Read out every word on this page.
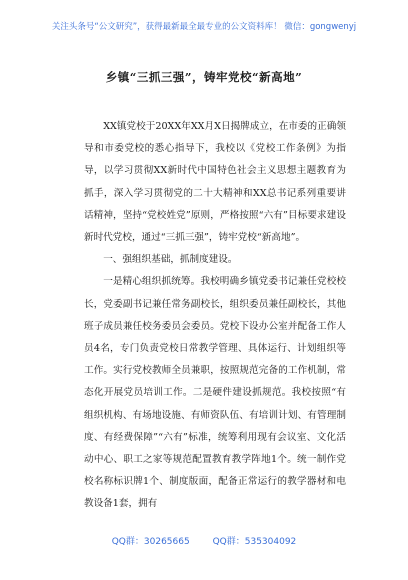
关注头条号“公文研究”，获得最新最全最专业的公文资料库！ 微信：gongwenyj
乡镇“三抓三强”，铸牢党校“新高地”

XX镇党校于20XX年XX月X日揭牌成立，在市委的正确领导和市委党校的悉心指导下，我校以《党校工作条例》为指导，以学习贯彻XX新时代中国特色社会主义思想主题教育为抓手，深入学习贯彻党的二十大精神和XX总书记系列重要讲话精神，坚持“党校姓党”原则，严格按照“六有”目标要求建设新时代党校，通过“三抓三强”，铸牢党校“新高地”。

一、强组织基础，抓制度建设。

一是精心组织抓统筹。我校明确乡镇党委书记兼任党校校长，党委副书记兼任常务副校长，组织委员兼任副校长，其他班子成员兼任校务委员会委员。党校下设办公室并配备工作人员4名，专门负责党校日常教学管理、具体运行、计划组织等工作。实行党校教师全员兼职，按照规范完备的工作机制，常态化开展党员培训工作。二是硬件建设抓规范。我校按照“有组织机构、有场地设施、有师资队伍、有培训计划、有管理制度、有经费保障”“六有”标准，统筹利用现有会议室、文化活动中心、职工之家等规范配置教育教学阵地1个。统一制作党校名称标识牌1个、制度版面，配备正常运行的教学器材和电教设备1套，拥有

QQ群：30265665	QQ群：535304092
